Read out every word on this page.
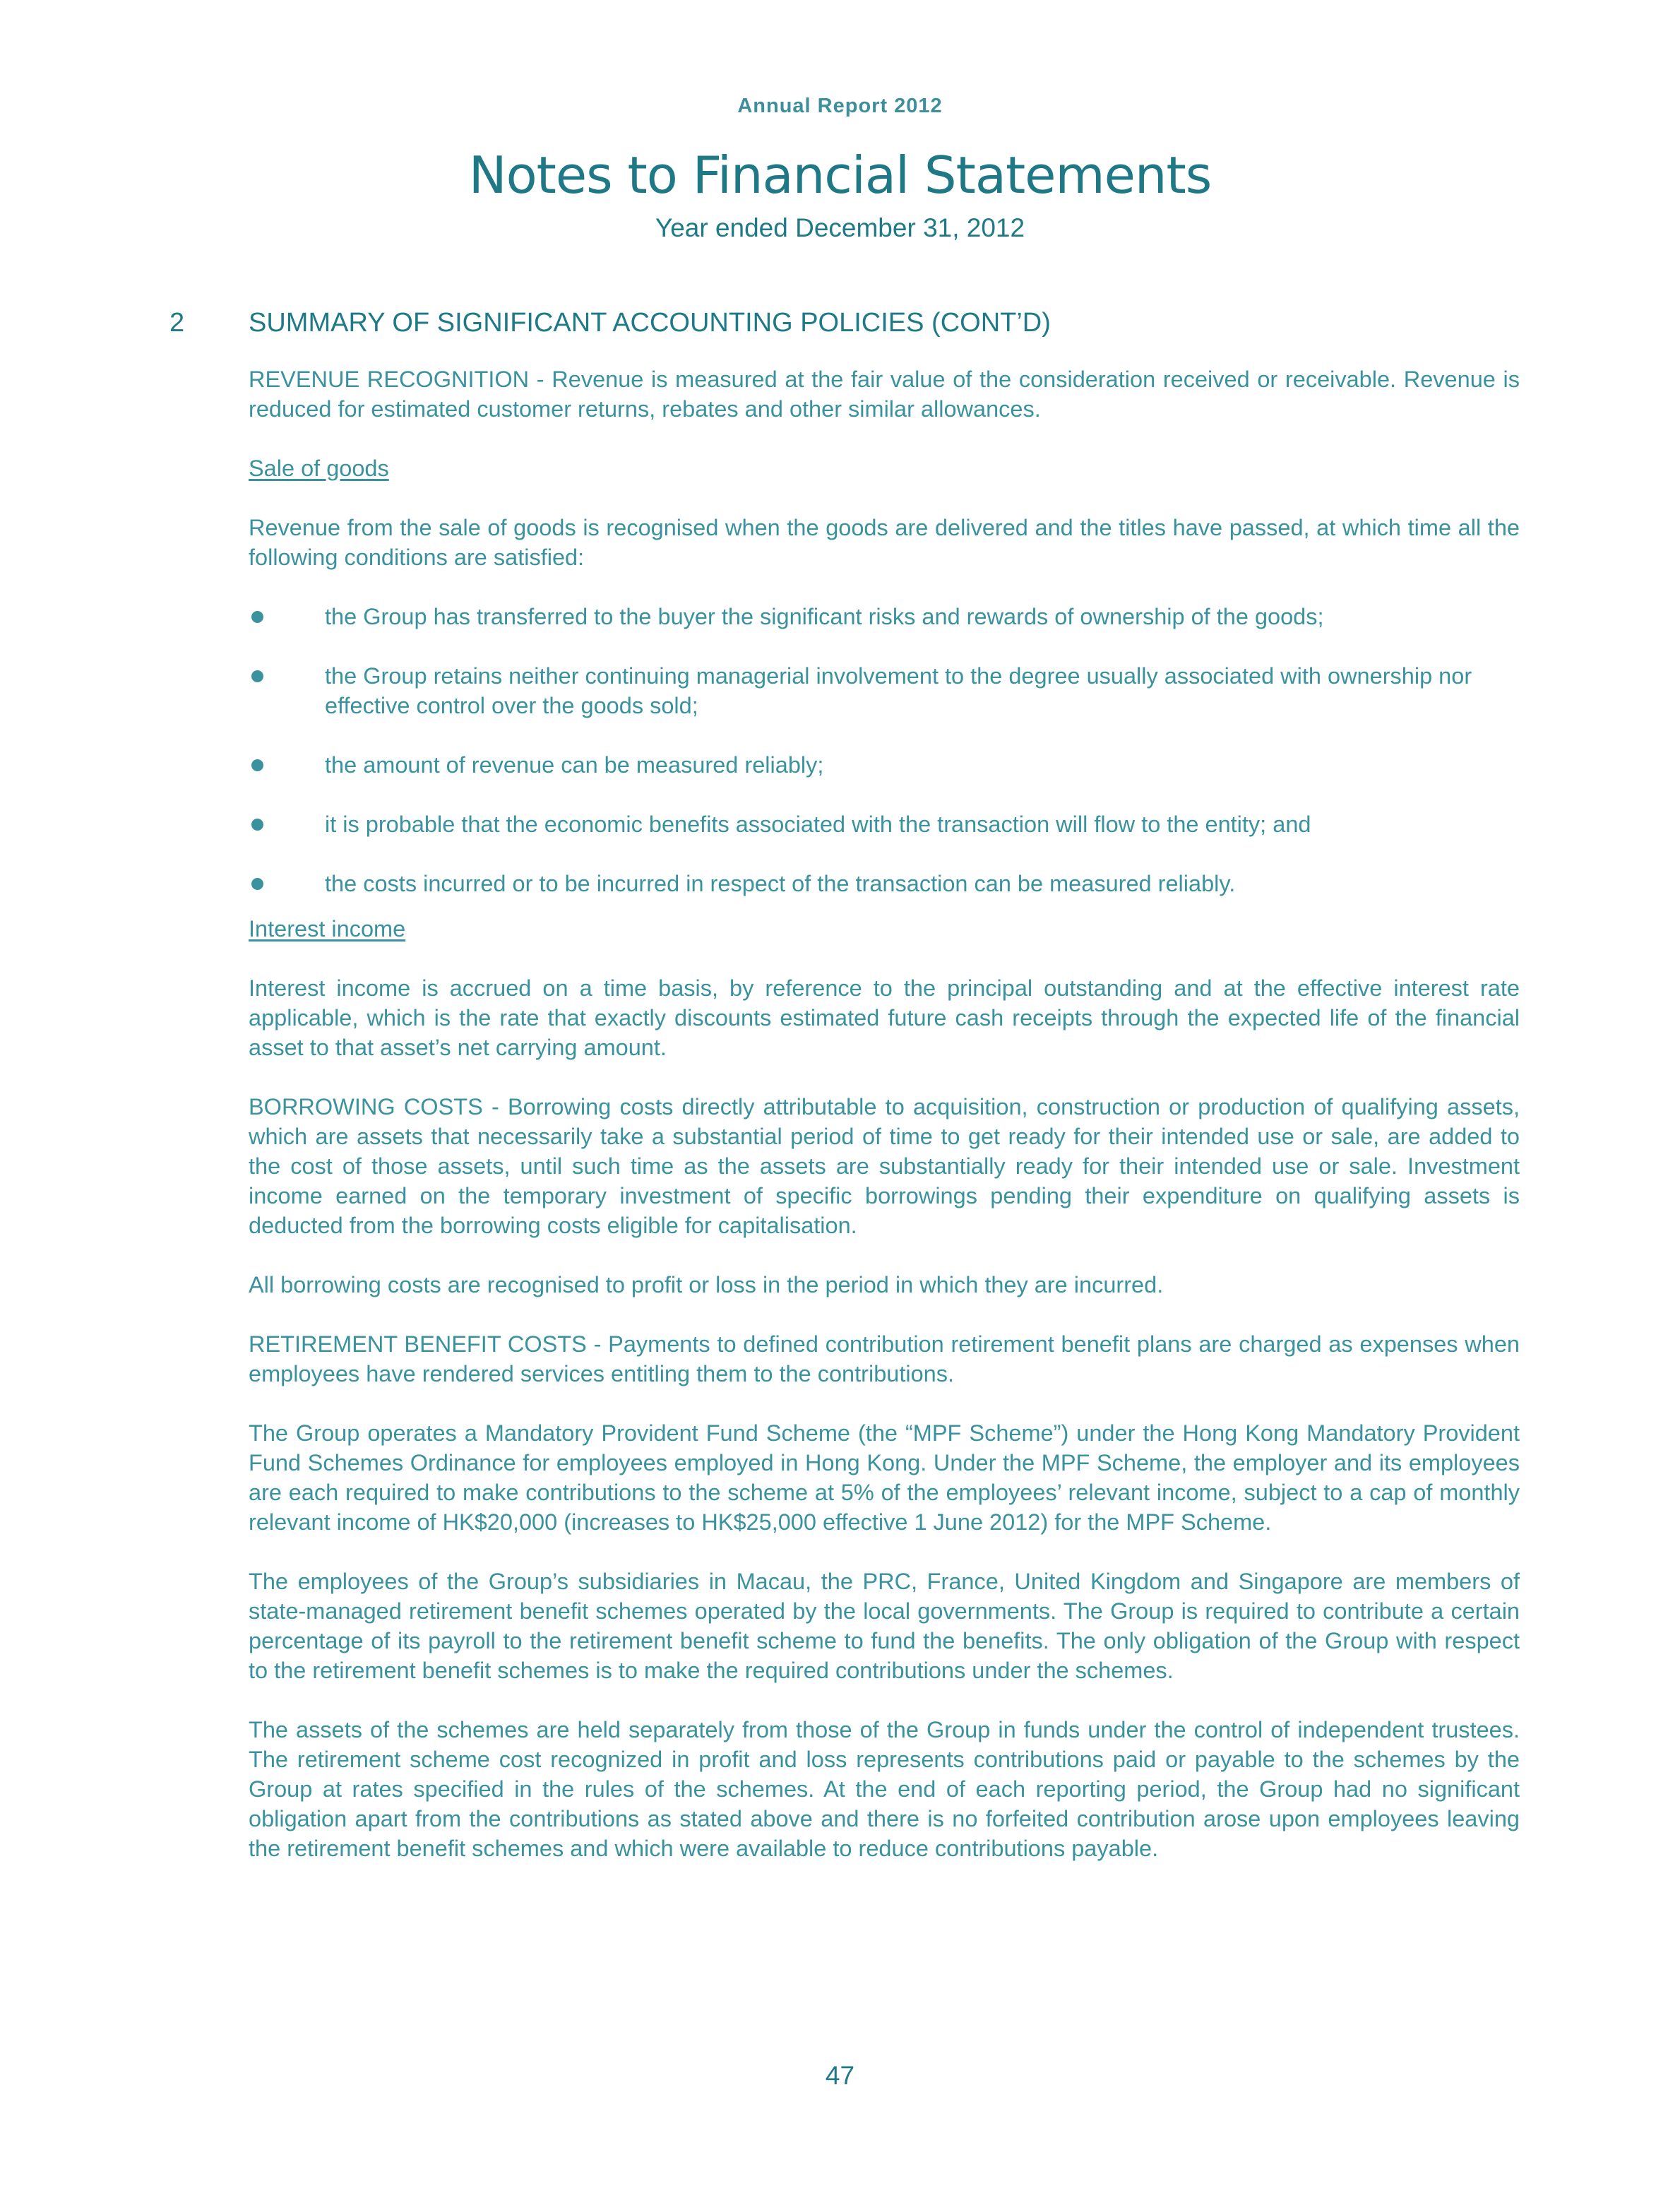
Annual Report 2012
Notes to Financial Statements
Year ended December 31, 2012
2 SUMMARY OF SIGNIFICANT ACCOUNTING POLICIES (CONT’D)

REVENUE RECOGNITION - Revenue is measured at the fair value of the consideration received or receivable. Revenue is reduced for estimated customer returns, rebates and other similar allowances.

Sale of goods

Revenue from the sale of goods is recognised when the goods are delivered and the titles have passed, at which time all the following conditions are satisfied:

the Group has transferred to the buyer the significant risks and rewards of ownership of the goods;
the Group retains neither continuing managerial involvement to the degree usually associated with ownership nor effective control over the goods sold;
the amount of revenue can be measured reliably;
it is probable that the economic benefits associated with the transaction will flow to the entity; and
the costs incurred or to be incurred in respect of the transaction can be measured reliably.

Interest income

Interest income is accrued on a time basis, by reference to the principal outstanding and at the effective interest rate applicable, which is the rate that exactly discounts estimated future cash receipts through the expected life of the financial asset to that asset’s net carrying amount.

BORROWING COSTS - Borrowing costs directly attributable to acquisition, construction or production of qualifying assets, which are assets that necessarily take a substantial period of time to get ready for their intended use or sale, are added to the cost of those assets, until such time as the assets are substantially ready for their intended use or sale. Investment income earned on the temporary investment of specific borrowings pending their expenditure on qualifying assets is deducted from the borrowing costs eligible for capitalisation.

All borrowing costs are recognised to profit or loss in the period in which they are incurred.

RETIREMENT BENEFIT COSTS - Payments to defined contribution retirement benefit plans are charged as expenses when employees have rendered services entitling them to the contributions.

The Group operates a Mandatory Provident Fund Scheme (the “MPF Scheme”) under the Hong Kong Mandatory Provident Fund Schemes Ordinance for employees employed in Hong Kong. Under the MPF Scheme, the employer and its employees are each required to make contributions to the scheme at 5% of the employees’ relevant income, subject to a cap of monthly relevant income of HK$20,000 (increases to HK$25,000 effective 1 June 2012) for the MPF Scheme.

The employees of the Group’s subsidiaries in Macau, the PRC, France, United Kingdom and Singapore are members of state-managed retirement benefit schemes operated by the local governments. The Group is required to contribute a certain percentage of its payroll to the retirement benefit scheme to fund the benefits. The only obligation of the Group with respect to the retirement benefit schemes is to make the required contributions under the schemes.

The assets of the schemes are held separately from those of the Group in funds under the control of independent trustees. The retirement scheme cost recognized in profit and loss represents contributions paid or payable to the schemes by the Group at rates specified in the rules of the schemes. At the end of each reporting period, the Group had no significant obligation apart from the contributions as stated above and there is no forfeited contribution arose upon employees leaving the retirement benefit schemes and which were available to reduce contributions payable.

47
